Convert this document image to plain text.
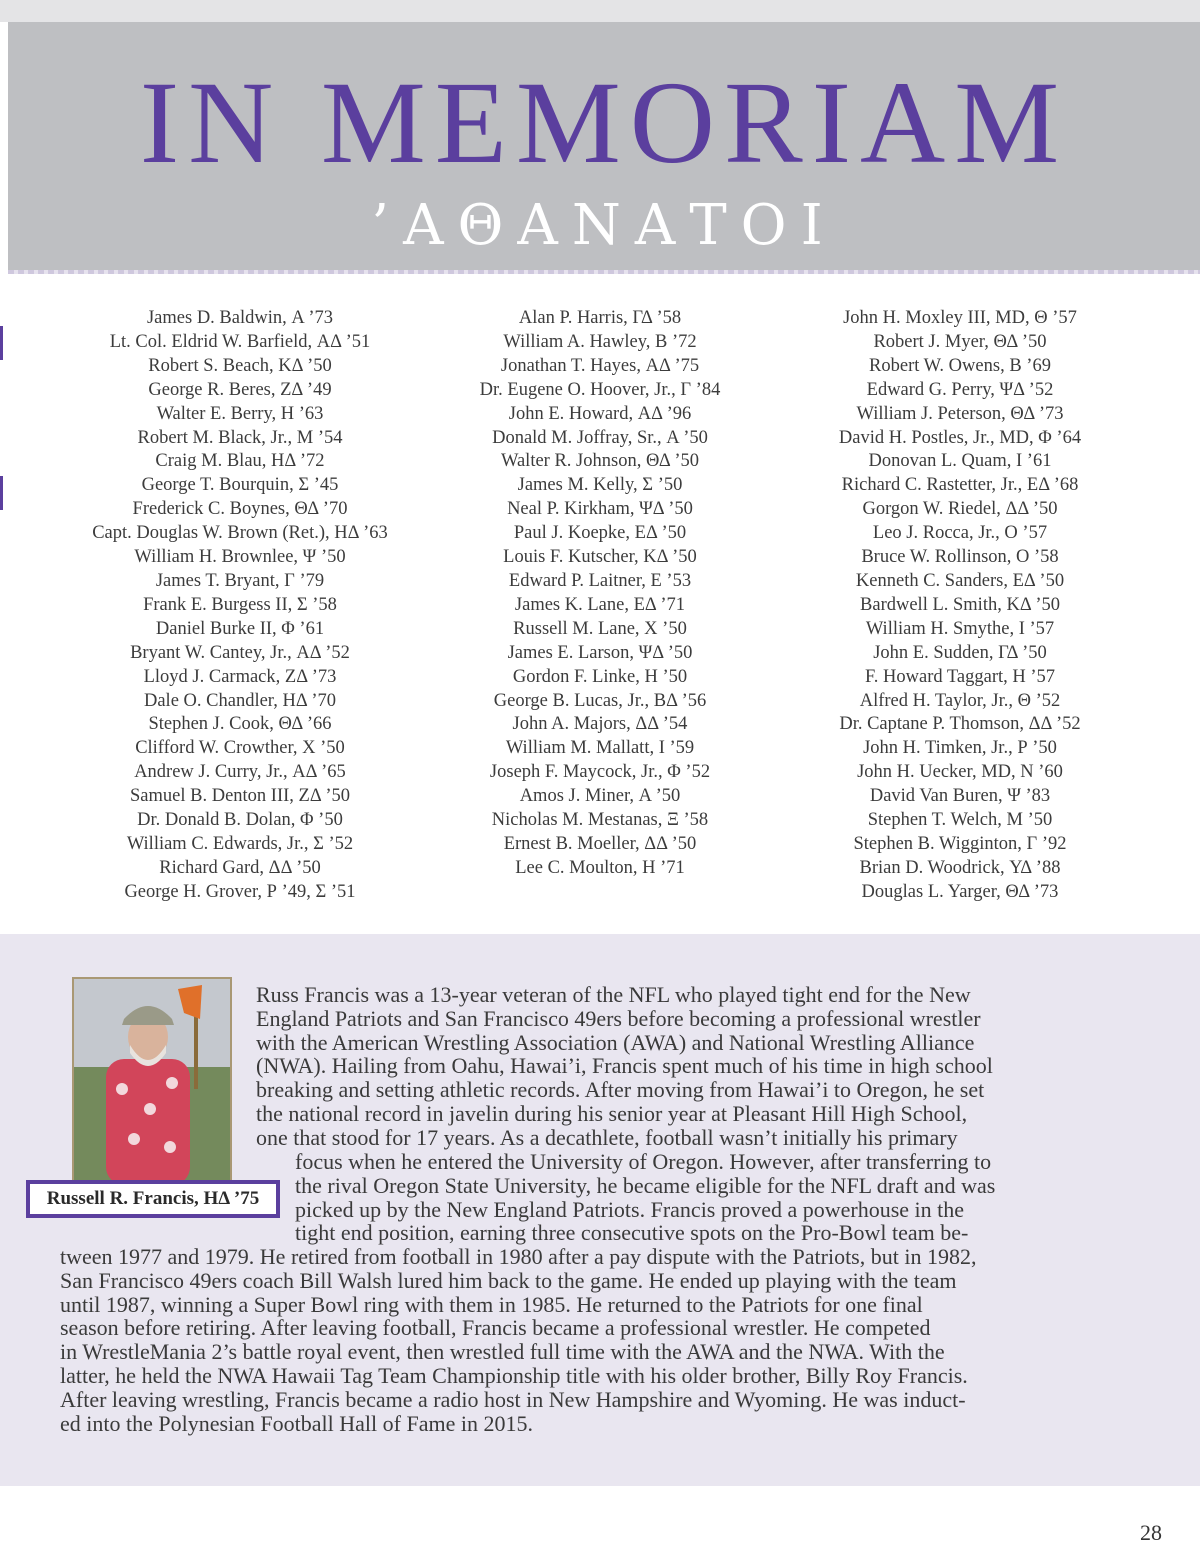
IN MEMORIAM
’ΑΘΑΝΑΤΟΙ
James D. Baldwin, Α ’73
Lt. Col. Eldrid W. Barfield, ΑΔ ’51
Robert S. Beach, ΚΔ ’50
George R. Beres, ΖΔ ’49
Walter E. Berry, Η ’63
Robert M. Black, Jr., Μ ’54
Craig M. Blau, ΗΔ ’72
George T. Bourquin, Σ ’45
Frederick C. Boynes, ΘΔ ’70
Capt. Douglas W. Brown (Ret.), ΗΔ ’63
William H. Brownlee, Ψ ’50
James T. Bryant, Γ ’79
Frank E. Burgess II, Σ ’58
Daniel Burke II, Φ ’61
Bryant W. Cantey, Jr., ΑΔ ’52
Lloyd J. Carmack, ΖΔ ’73
Dale O. Chandler, ΗΔ ’70
Stephen J. Cook, ΘΔ ’66
Clifford W. Crowther, Χ ’50
Andrew J. Curry, Jr., ΑΔ ’65
Samuel B. Denton III, ΖΔ ’50
Dr. Donald B. Dolan, Φ ’50
William C. Edwards, Jr., Σ ’52
Richard Gard, ΔΔ ’50
George H. Grover, Ρ ’49, Σ ’51
Alan P. Harris, ΓΔ ’58
William A. Hawley, Β ’72
Jonathan T. Hayes, ΑΔ ’75
Dr. Eugene O. Hoover, Jr., Γ ’84
John E. Howard, ΑΔ ’96
Donald M. Joffray, Sr., Α ’50
Walter R. Johnson, ΘΔ ’50
James M. Kelly, Σ ’50
Neal P. Kirkham, ΨΔ ’50
Paul J. Koepke, ΕΔ ’50
Louis F. Kutscher, ΚΔ ’50
Edward P. Laitner, Ε ’53
James K. Lane, ΕΔ ’71
Russell M. Lane, Χ ’50
James E. Larson, ΨΔ ’50
Gordon F. Linke, Η ’50
George B. Lucas, Jr., ΒΔ ’56
John A. Majors, ΔΔ ’54
William M. Mallatt, Ι ’59
Joseph F. Maycock, Jr., Φ ’52
Amos J. Miner, Α ’50
Nicholas M. Mestanas, Ξ ’58
Ernest B. Moeller, ΔΔ ’50
Lee C. Moulton, Η ’71
John H. Moxley III, MD, Θ ’57
Robert J. Myer, ΘΔ ’50
Robert W. Owens, Β ’69
Edward G. Perry, ΨΔ ’52
William J. Peterson, ΘΔ ’73
David H. Postles, Jr., MD, Φ ’64
Donovan L. Quam, Ι ’61
Richard C. Rastetter, Jr., ΕΔ ’68
Gorgon W. Riedel, ΔΔ ’50
Leo J. Rocca, Jr., Ο ’57
Bruce W. Rollinson, Ο ’58
Kenneth C. Sanders, ΕΔ ’50
Bardwell L. Smith, ΚΔ ’50
William H. Smythe, Ι ’57
John E. Sudden, ΓΔ ’50
F. Howard Taggart, Η ’57
Alfred H. Taylor, Jr., Θ ’52
Dr. Captane P. Thomson, ΔΔ ’52
John H. Timken, Jr., Ρ ’50
John H. Uecker, MD, Ν ’60
David Van Buren, Ψ ’83
Stephen T. Welch, Μ ’50
Stephen B. Wigginton, Γ ’92
Brian D. Woodrick, ΥΔ ’88
Douglas L. Yarger, ΘΔ ’73
Russell R. Francis, ΗΔ ’75
Russ Francis was a 13-year veteran of the NFL who played tight end for the New
England Patriots and San Francisco 49ers before becoming a professional wrestler
with the American Wrestling Association (AWA) and National Wrestling Alliance
(NWA). Hailing from Oahu, Hawai’i, Francis spent much of his time in high school
breaking and setting athletic records. After moving from Hawai’i to Oregon, he set
the national record in javelin during his senior year at Pleasant Hill High School,
one that stood for 17 years. As a decathlete, football wasn’t initially his primary
focus when he entered the University of Oregon. However, after transferring to
the rival Oregon State University, he became eligible for the NFL draft and was
picked up by the New England Patriots. Francis proved a powerhouse in the
tight end position, earning three consecutive spots on the Pro-Bowl team be-
tween 1977 and 1979. He retired from football in 1980 after a pay dispute with the Patriots, but in 1982,
San Francisco 49ers coach Bill Walsh lured him back to the game. He ended up playing with the team
until 1987, winning a Super Bowl ring with them in 1985. He returned to the Patriots for one final
season before retiring. After leaving football, Francis became a professional wrestler. He competed
in WrestleMania 2’s battle royal event, then wrestled full time with the AWA and the NWA. With the
latter, he held the NWA Hawaii Tag Team Championship title with his older brother, Billy Roy Francis.
After leaving wrestling, Francis became a radio host in New Hampshire and Wyoming. He was induct-
ed into the Polynesian Football Hall of Fame in 2015.
28
